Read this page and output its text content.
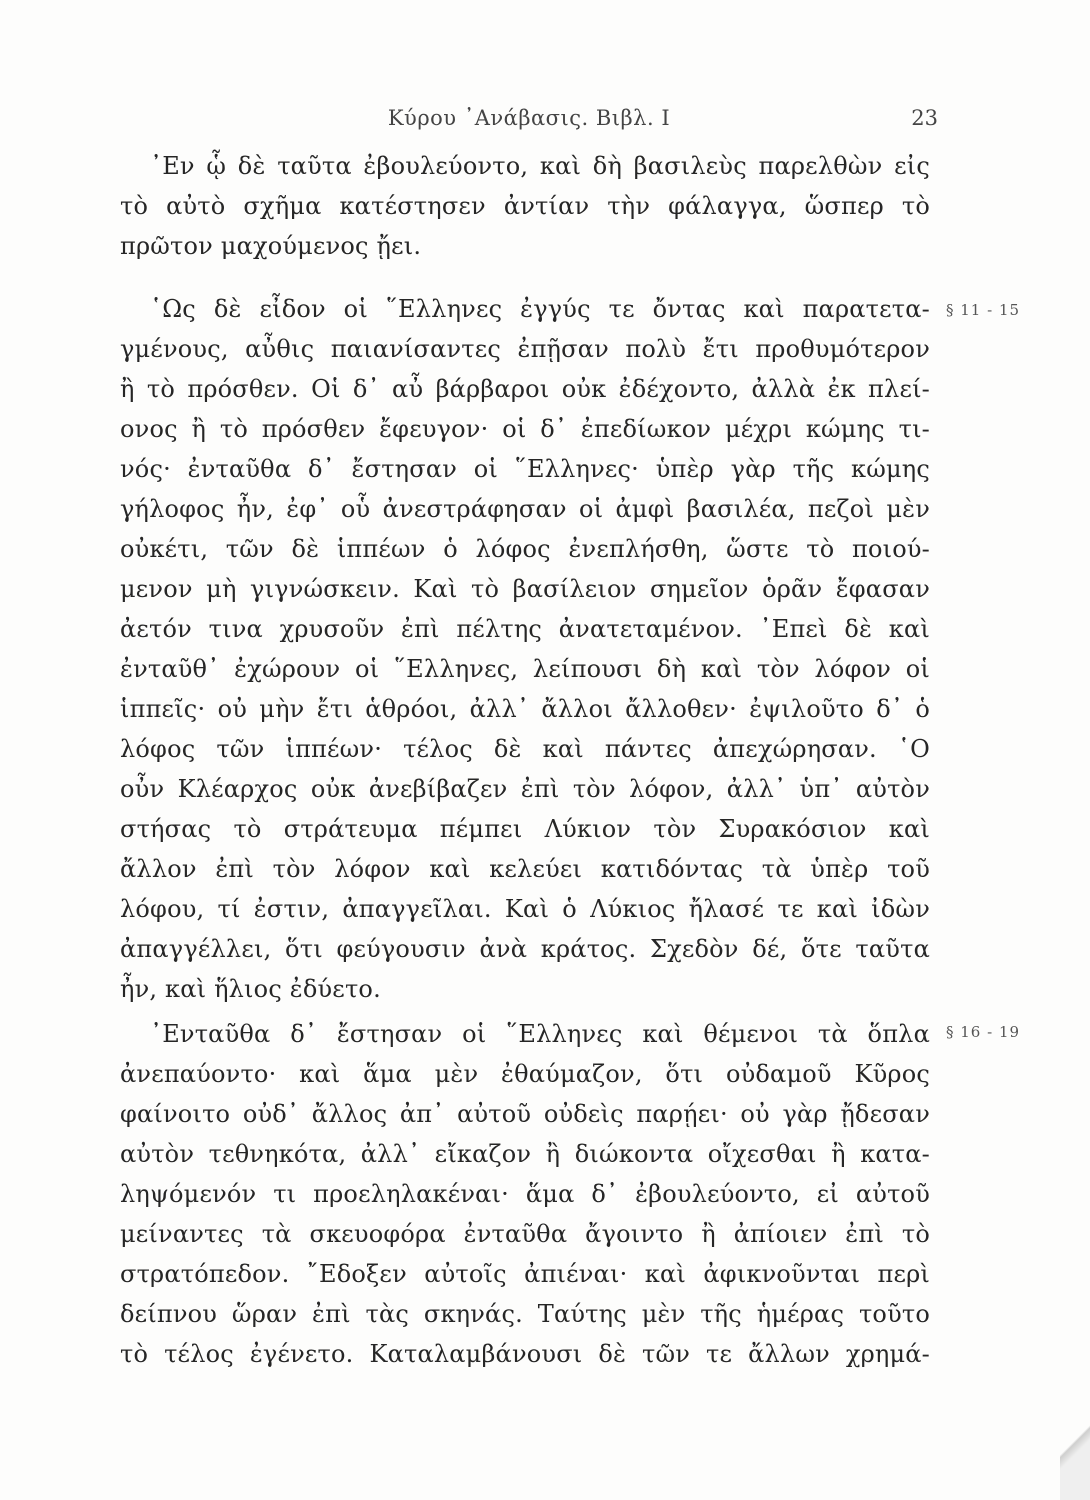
Κύρου ᾿Ανάβασις. Βιβλ. Ι	23
᾿Εν ᾧ δὲ ταῦτα ἐβουλεύοντο, καὶ δὴ βασιλεὺς παρελθὼν εἰς
τὸ αὐτὸ σχῆμα κατέστησεν ἀντίαν τὴν φάλαγγα, ὥσπερ τὸ
πρῶτον μαχούμενος ᾔει.
῾Ως δὲ εἶδον οἱ ῞Ελληνες ἐγγύς τε ὄντας καὶ παρατετα- § 11 - 15
γμένους, αὖθις παιανίσαντες ἐπῇσαν πολὺ ἔτι προθυμότερον
ἢ τὸ πρόσθεν. Οἱ δ᾿ αὖ βάρβαροι οὐκ ἐδέχοντο, ἀλλὰ ἐκ πλεί-
ονος ἢ τὸ πρόσθεν ἔφευγον· οἱ δ᾿ ἐπεδίωκον μέχρι κώμης τι-
νός· ἐνταῦθα δ᾿ ἔστησαν οἱ ῞Ελληνες· ὑπὲρ γὰρ τῆς κώμης
γήλοφος ἦν, ἐφ᾿ οὗ ἀνεστράφησαν οἱ ἀμφὶ βασιλέα, πεζοὶ μὲν
οὐκέτι, τῶν δὲ ἱππέων ὁ λόφος ἐνεπλήσθη, ὥστε τὸ ποιού-
μενον μὴ γιγνώσκειν. Καὶ τὸ βασίλειον σημεῖον ὁρᾶν ἔφασαν
ἀετόν τινα χρυσοῦν ἐπὶ πέλτης ἀνατεταμένον. ᾿Επεὶ δὲ καὶ
ἐνταῦθ᾿ ἐχώρουν οἱ ῞Ελληνες, λείπουσι δὴ καὶ τὸν λόφον οἱ
ἱππεῖς· οὐ μὴν ἔτι ἁθρόοι, ἀλλ᾿ ἄλλοι ἄλλοθεν· ἐψιλοῦτο δ᾿ ὁ
λόφος τῶν ἱππέων· τέλος δὲ καὶ πάντες ἀπεχώρησαν. ῾Ο
οὖν Κλέαρχος οὐκ ἀνεβίβαζεν ἐπὶ τὸν λόφον, ἀλλ᾿ ὑπ᾿ αὐτὸν
στήσας τὸ στράτευμα πέμπει Λύκιον τὸν Συρακόσιον καὶ
ἄλλον ἐπὶ τὸν λόφον καὶ κελεύει κατιδόντας τὰ ὑπὲρ τοῦ
λόφου, τί ἐστιν, ἀπαγγεῖλαι. Καὶ ὁ Λύκιος ἤλασέ τε καὶ ἰδὼν
ἀπαγγέλλει, ὅτι φεύγουσιν ἀνὰ κράτος. Σχεδὸν δέ, ὅτε ταῦτα
ἦν, καὶ ἥλιος ἐδύετο.
᾿Ενταῦθα δ᾿ ἔστησαν οἱ ῞Ελληνες καὶ θέμενοι τὰ ὅπλα § 16 - 19
ἀνεπαύοντο· καὶ ἅμα μὲν ἐθαύμαζον, ὅτι οὐδαμοῦ Κῦρος
φαίνοιτο οὐδ᾿ ἄλλος ἀπ᾿ αὐτοῦ οὐδεὶς παρῄει· οὐ γὰρ ᾔδεσαν
αὐτὸν τεθνηκότα, ἀλλ᾿ εἴκαζον ἢ διώκοντα οἴχεσθαι ἢ κατα-
ληψόμενόν τι προεληλακέναι· ἅμα δ᾿ ἐβουλεύοντο, εἰ αὐτοῦ
μείναντες τὰ σκευοφόρα ἐνταῦθα ἄγοιντο ἢ ἀπίοιεν ἐπὶ τὸ
στρατόπεδον. ῎Εδοξεν αὐτοῖς ἀπιέναι· καὶ ἀφικνοῦνται περὶ
δείπνου ὥραν ἐπὶ τὰς σκηνάς. Ταύτης μὲν τῆς ἡμέρας τοῦτο
τὸ τέλος ἐγένετο. Καταλαμβάνουσι δὲ τῶν τε ἄλλων χρημά-
